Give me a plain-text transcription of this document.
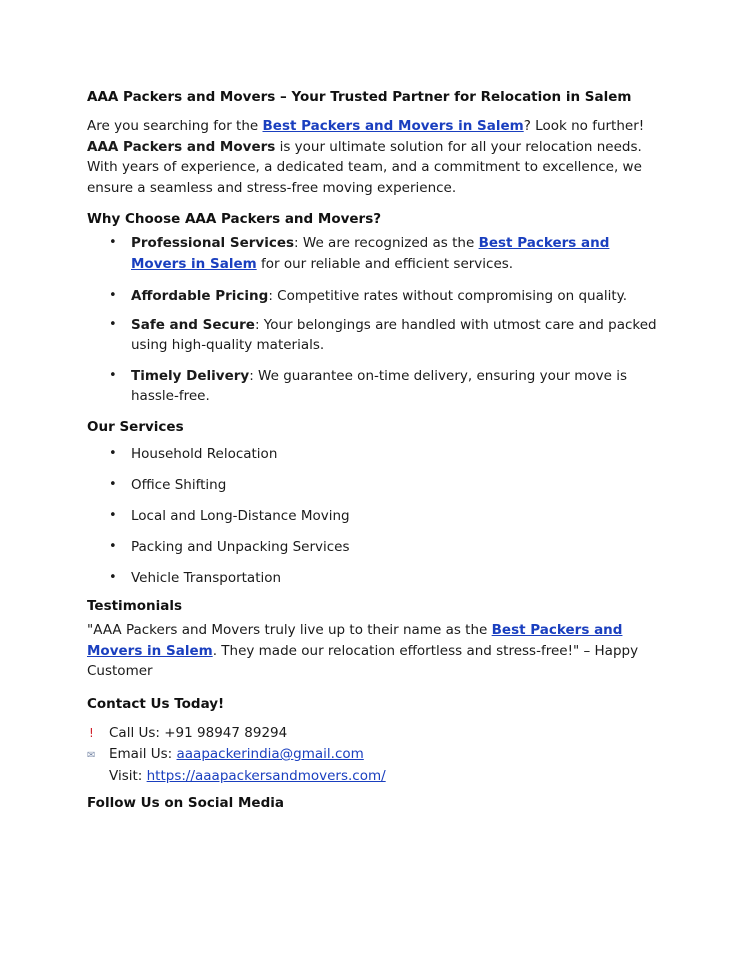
AAA Packers and Movers – Your Trusted Partner for Relocation in Salem

Are you searching for the Best Packers and Movers in Salem? Look no further! AAA Packers and Movers is your ultimate solution for all your relocation needs. With years of experience, a dedicated team, and a commitment to excellence, we ensure a seamless and stress-free moving experience.

Why Choose AAA Packers and Movers?

• Professional Services: We are recognized as the Best Packers and Movers in Salem for our reliable and efficient services.
• Affordable Pricing: Competitive rates without compromising on quality.
• Safe and Secure: Your belongings are handled with utmost care and packed using high-quality materials.
• Timely Delivery: We guarantee on-time delivery, ensuring your move is hassle-free.

Our Services

• Household Relocation
• Office Shifting
• Local and Long-Distance Moving
• Packing and Unpacking Services
• Vehicle Transportation

Testimonials

"AAA Packers and Movers truly live up to their name as the Best Packers and Movers in Salem. They made our relocation effortless and stress-free!" – Happy Customer

Contact Us Today!

! Call Us: +91 98947 89294
✉ Email Us: aaapackerindia@gmail.com
Visit: https://aaapackersandmovers.com/

Follow Us on Social Media
